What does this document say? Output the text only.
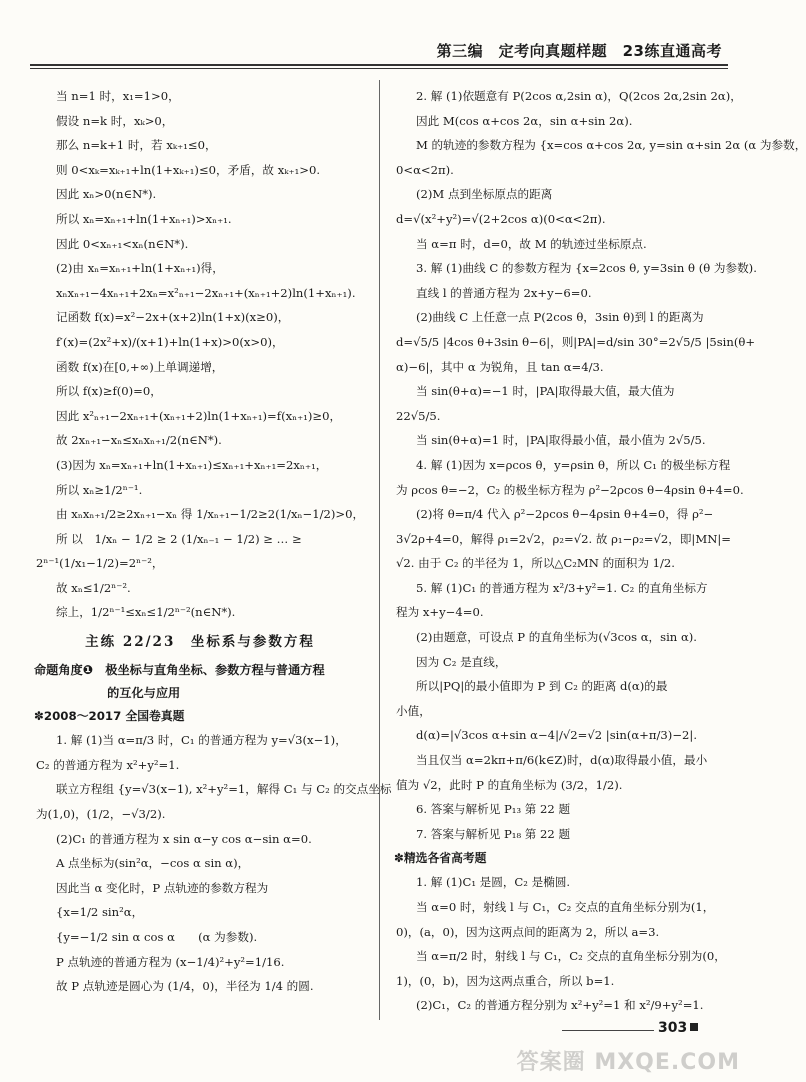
第三编　定考向真题样题　23练直通高考
当 n=1 时，x₁=1>0，
假设 n=k 时，xₖ>0，
那么 n=k+1 时，若 xₖ₊₁≤0，
则 0<xₖ=xₖ₊₁+ln(1+xₖ₊₁)≤0，矛盾，故 xₖ₊₁>0.
因此 xₙ>0(n∈N*).
所以 xₙ=xₙ₊₁+ln(1+xₙ₊₁)>xₙ₊₁.
因此 0<xₙ₊₁<xₙ(n∈N*).
(2)由 xₙ=xₙ₊₁+ln(1+xₙ₊₁)得，
xₙxₙ₊₁−4xₙ₊₁+2xₙ=x²ₙ₊₁−2xₙ₊₁+(xₙ₊₁+2)ln(1+xₙ₊₁).
记函数 f(x)=x²−2x+(x+2)ln(1+x)(x≥0)，
f′(x)=(2x²+x)/(x+1)+ln(1+x)>0(x>0)，
函数 f(x)在[0,+∞)上单调递增，
所以 f(x)≥f(0)=0，
因此 x²ₙ₊₁−2xₙ₊₁+(xₙ₊₁+2)ln(1+xₙ₊₁)=f(xₙ₊₁)≥0，
故 2xₙ₊₁−xₙ≤xₙxₙ₊₁/2(n∈N*).
(3)因为 xₙ=xₙ₊₁+ln(1+xₙ₊₁)≤xₙ₊₁+xₙ₊₁=2xₙ₊₁，
所以 xₙ≥1/2ⁿ⁻¹.
由 xₙxₙ₊₁/2≥2xₙ₊₁−xₙ 得 1/xₙ₊₁−1/2≥2(1/xₙ−1/2)>0，
所 以　1/xₙ − 1/2 ≥ 2 (1/xₙ₋₁ − 1/2) ≥ … ≥
2ⁿ⁻¹(1/x₁−1/2)=2ⁿ⁻²，
故 xₙ≤1/2ⁿ⁻².
综上，1/2ⁿ⁻¹≤xₙ≤1/2ⁿ⁻²(n∈N*).
主练 22/23　坐标系与参数方程
命题角度❶　极坐标与直角坐标、参数方程与普通方程
　　　　　　的互化与应用
✽2008～2017 全国卷真题
1. 解 (1)当 α=π/3 时，C₁ 的普通方程为 y=√3(x−1)，
C₂ 的普通方程为 x²+y²=1.
联立方程组 {y=√3(x−1), x²+y²=1，解得 C₁ 与 C₂ 的交点坐标
为(1,0)，(1/2，−√3/2).
(2)C₁ 的普通方程为 x sin α−y cos α−sin α=0.
A 点坐标为(sin²α，−cos α sin α)，
因此当 α 变化时，P 点轨迹的参数方程为
{x=1/2 sin²α，
{y=−1/2 sin α cos α　　(α 为参数).
P 点轨迹的普通方程为 (x−1/4)²+y²=1/16.
故 P 点轨迹是圆心为 (1/4，0)，半径为 1/4 的圆.
2. 解 (1)依题意有 P(2cos α,2sin α)，Q(2cos 2α,2sin 2α)，
因此 M(cos α+cos 2α，sin α+sin 2α).
M 的轨迹的参数方程为 {x=cos α+cos 2α, y=sin α+sin 2α (α 为参数，
0<α<2π).
(2)M 点到坐标原点的距离
d=√(x²+y²)=√(2+2cos α)(0<α<2π).
当 α=π 时，d=0，故 M 的轨迹过坐标原点.
3. 解 (1)曲线 C 的参数方程为 {x=2cos θ, y=3sin θ (θ 为参数).
直线 l 的普通方程为 2x+y−6=0.
(2)曲线 C 上任意一点 P(2cos θ，3sin θ)到 l 的距离为
d=√5/5 |4cos θ+3sin θ−6|，则|PA|=d/sin 30°=2√5/5 |5sin(θ+
α)−6|，其中 α 为锐角，且 tan α=4/3.
当 sin(θ+α)=−1 时，|PA|取得最大值，最大值为
22√5/5.
当 sin(θ+α)=1 时，|PA|取得最小值，最小值为 2√5/5.
4. 解 (1)因为 x=ρcos θ，y=ρsin θ，所以 C₁ 的极坐标方程
为 ρcos θ=−2，C₂ 的极坐标方程为 ρ²−2ρcos θ−4ρsin θ+4=0.
(2)将 θ=π/4 代入 ρ²−2ρcos θ−4ρsin θ+4=0，得 ρ²−
3√2ρ+4=0，解得 ρ₁=2√2，ρ₂=√2. 故 ρ₁−ρ₂=√2，即|MN|=
√2. 由于 C₂ 的半径为 1，所以△C₂MN 的面积为 1/2.
5. 解 (1)C₁ 的普通方程为 x²/3+y²=1. C₂ 的直角坐标方
程为 x+y−4=0.
(2)由题意，可设点 P 的直角坐标为(√3cos α，sin α).
因为 C₂ 是直线，
所以|PQ|的最小值即为 P 到 C₂ 的距离 d(α)的最
小值，
d(α)=|√3cos α+sin α−4|/√2=√2 |sin(α+π/3)−2|.
当且仅当 α=2kπ+π/6(k∈Z)时，d(α)取得最小值，最小
值为 √2，此时 P 的直角坐标为 (3/2，1/2).
6. 答案与解析见 P₁₃ 第 22 题
7. 答案与解析见 P₁₈ 第 22 题
✽精选各省高考题
1. 解 (1)C₁ 是圆，C₂ 是椭圆.
当 α=0 时，射线 l 与 C₁，C₂ 交点的直角坐标分别为(1，
0)，(a，0)，因为这两点间的距离为 2，所以 a=3.
当 α=π/2 时，射线 l 与 C₁，C₂ 交点的直角坐标分别为(0，
1)，(0，b)，因为这两点重合，所以 b=1.
(2)C₁，C₂ 的普通方程分别为 x²+y²=1 和 x²/9+y²=1.
303
答案圈 MXQE.COM
